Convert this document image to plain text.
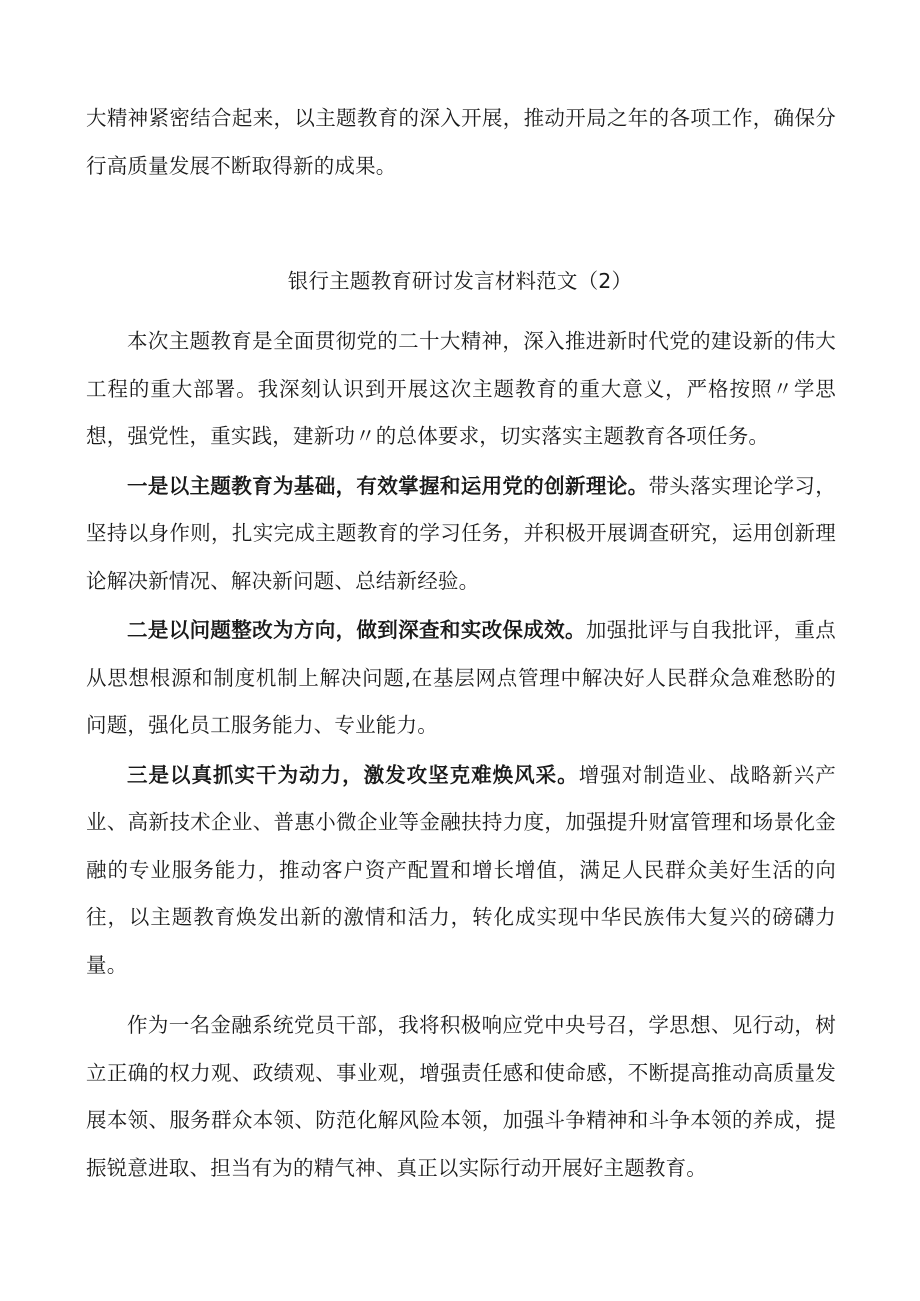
大精神紧密结合起来，以主题教育的深入开展，推动开局之年的各项工作，确保分行高质量发展不断取得新的成果。

银行主题教育研讨发言材料范文（2）

本次主题教育是全面贯彻党的二十大精神，深入推进新时代党的建设新的伟大工程的重大部署。我深刻认识到开展这次主题教育的重大意义，严格按照〃学思想，强党性，重实践，建新功〃的总体要求，切实落实主题教育各项任务。

一是以主题教育为基础，有效掌握和运用党的创新理论。带头落实理论学习，坚持以身作则，扎实完成主题教育的学习任务，并积极开展调查研究，运用创新理论解决新情况、解决新问题、总结新经验。

二是以问题整改为方向，做到深查和实改保成效。加强批评与自我批评，重点从思想根源和制度机制上解决问题,在基层网点管理中解决好人民群众急难愁盼的问题，强化员工服务能力、专业能力。

三是以真抓实干为动力，激发攻坚克难焕风采。增强对制造业、战略新兴产业、高新技术企业、普惠小微企业等金融扶持力度，加强提升财富管理和场景化金融的专业服务能力，推动客户资产配置和增长增值，满足人民群众美好生活的向往，以主题教育焕发出新的激情和活力，转化成实现中华民族伟大复兴的磅礴力量。

作为一名金融系统党员干部，我将积极响应党中央号召，学思想、见行动，树立正确的权力观、政绩观、事业观，增强责任感和使命感，不断提高推动高质量发展本领、服务群众本领、防范化解风险本领，加强斗争精神和斗争本领的养成，提振锐意进取、担当有为的精气神、真正以实际行动开展好主题教育。
